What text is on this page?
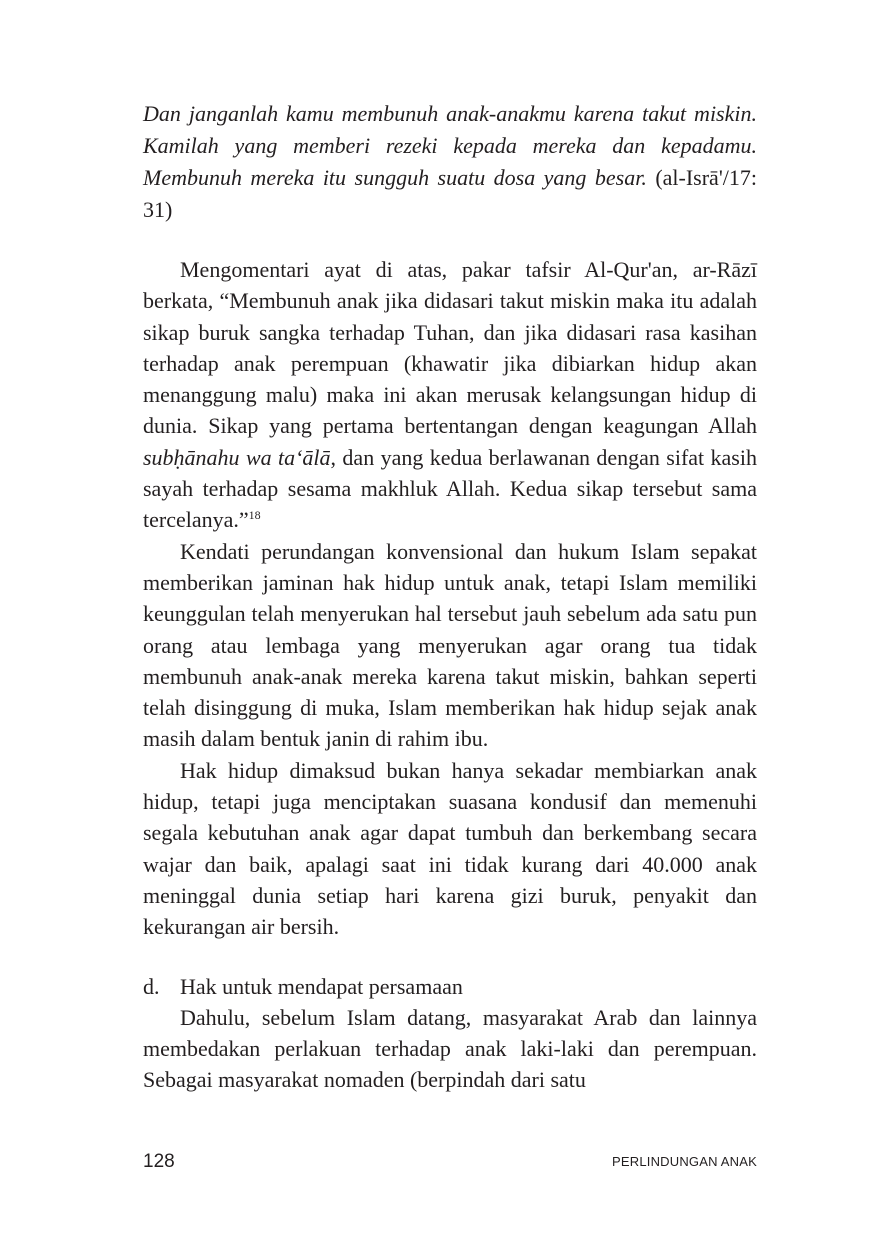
Dan janganlah kamu membunuh anak-anakmu karena takut miskin. Kamilah yang memberi rezeki kepada mereka dan kepadamu. Membunuh mereka itu sungguh suatu dosa yang besar. (al-Isrā'/17: 31)

Mengomentari ayat di atas, pakar tafsir Al-Qur'an, ar-Rāzī berkata, “Membunuh anak jika didasari takut miskin maka itu adalah sikap buruk sangka terhadap Tuhan, dan jika didasari rasa kasihan terhadap anak perempuan (khawatir jika dibiarkan hidup akan menanggung malu) maka ini akan merusak kelangsungan hidup di dunia. Sikap yang pertama bertentangan dengan keagungan Allah subḥānahu wa ta‘ālā, dan yang kedua berlawanan dengan sifat kasih sayah terhadap sesama makhluk Allah. Kedua sikap tersebut sama tercelanya.”$^{18}$

Kendati perundangan konvensional dan hukum Islam sepakat memberikan jaminan hak hidup untuk anak, tetapi Islam memiliki keunggulan telah menyerukan hal tersebut jauh sebelum ada satu pun orang atau lembaga yang menyerukan agar orang tua tidak membunuh anak-anak mereka karena takut miskin, bahkan seperti telah disinggung di muka, Islam memberikan hak hidup sejak anak masih dalam bentuk janin di rahim ibu.

Hak hidup dimaksud bukan hanya sekadar membiarkan anak hidup, tetapi juga menciptakan suasana kondusif dan memenuhi segala kebutuhan anak agar dapat tumbuh dan berkembang secara wajar dan baik, apalagi saat ini tidak kurang dari 40.000 anak meninggal dunia setiap hari karena gizi buruk, penyakit dan kekurangan air bersih.

d. Hak untuk mendapat persamaan

Dahulu, sebelum Islam datang, masyarakat Arab dan lainnya membedakan perlakuan terhadap anak laki-laki dan perempuan. Sebagai masyarakat nomaden (berpindah dari satu

128	PERLINDUNGAN ANAK
